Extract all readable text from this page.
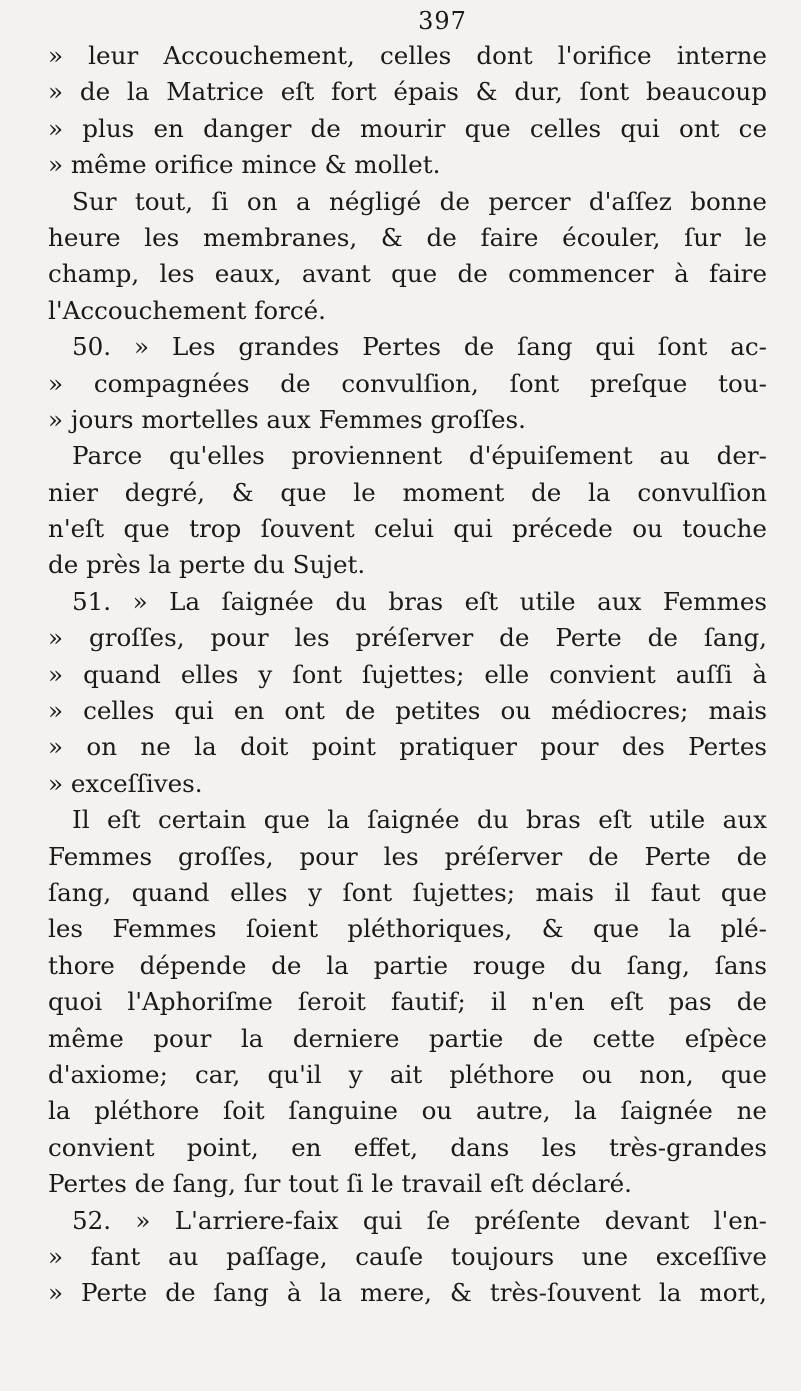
397
» leur Accouchement, celles dont l'orifice interne
» de la Matrice eſt fort épais & dur, ſont beaucoup
» plus en danger de mourir que celles qui ont ce
» même orifice mince & mollet.
Sur tout, ſi on a négligé de percer d'aſſez bonne
heure les membranes, & de faire écouler, ſur le
champ, les eaux, avant que de commencer à faire
l'Accouchement forcé.
50. » Les grandes Pertes de ſang qui ſont ac-
» compagnées de convulſion, ſont preſque tou-
» jours mortelles aux Femmes groſſes.
Parce qu'elles proviennent d'épuiſement au der-
nier degré, & que le moment de la convulſion
n'eſt que trop ſouvent celui qui précede ou touche
de près la perte du Sujet.
51. » La ſaignée du bras eſt utile aux Femmes
» groſſes, pour les préſerver de Perte de ſang,
» quand elles y ſont ſujettes; elle convient auſſi à
» celles qui en ont de petites ou médiocres; mais
» on ne la doit point pratiquer pour des Pertes
» exceſſives.
Il eſt certain que la ſaignée du bras eſt utile aux
Femmes groſſes, pour les préſerver de Perte de
ſang, quand elles y ſont ſujettes; mais il faut que
les Femmes ſoient pléthoriques, & que la plé-
thore dépende de la partie rouge du ſang, ſans
quoi l'Aphoriſme ſeroit fautif; il n'en eſt pas de
même pour la derniere partie de cette eſpèce
d'axiome; car, qu'il y ait pléthore ou non, que
la pléthore ſoit ſanguine ou autre, la ſaignée ne
convient point, en effet, dans les très-grandes
Pertes de ſang, ſur tout ſi le travail eſt déclaré.
52. » L'arriere-faix qui ſe préſente devant l'en-
» fant au paſſage, cauſe toujours une exceſſive
» Perte de ſang à la mere, & très-ſouvent la mort,
